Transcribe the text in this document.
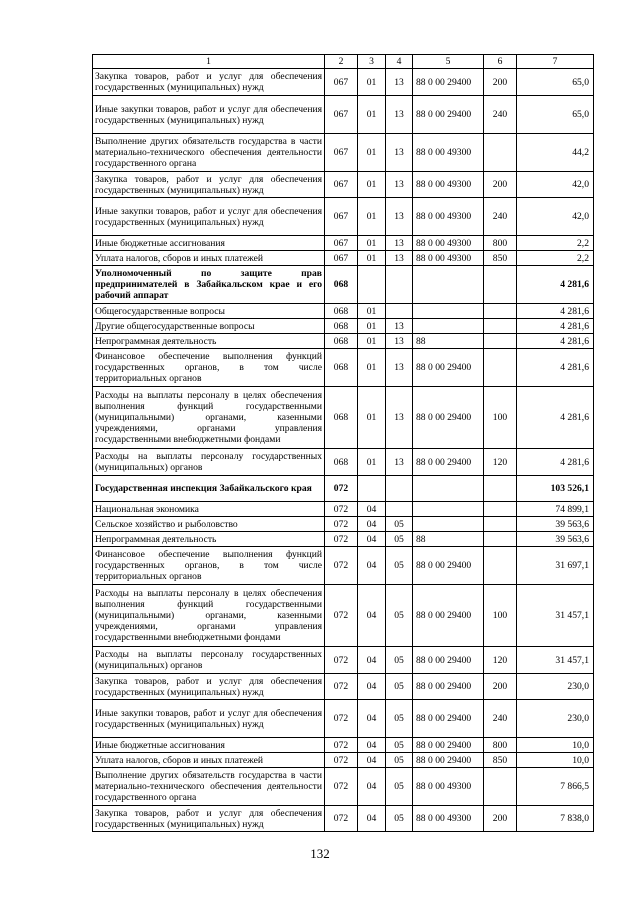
1	2	3	4	5	6	7
Закупка товаров, работ и услуг для обеспечения государственных (муниципальных) нужд	067	01	13	88 0 00 29400	200	65,0
Иные закупки товаров, работ и услуг для обеспечения государственных (муниципальных) нужд	067	01	13	88 0 00 29400	240	65,0
Выполнение других обязательств государства в части материально-технического обеспечения деятельности государственного органа	067	01	13	88 0 00 49300		44,2
Закупка товаров, работ и услуг для обеспечения государственных (муниципальных) нужд	067	01	13	88 0 00 49300	200	42,0
Иные закупки товаров, работ и услуг для обеспечения государственных (муниципальных) нужд	067	01	13	88 0 00 49300	240	42,0
Иные бюджетные ассигнования	067	01	13	88 0 00 49300	800	2,2
Уплата налогов, сборов и иных платежей	067	01	13	88 0 00 49300	850	2,2
Уполномоченный по защите прав предпринимателей в Забайкальском крае и его рабочий аппарат	068					4 281,6
Общегосударственные вопросы	068	01				4 281,6
Другие общегосударственные вопросы	068	01	13			4 281,6
Непрограммная деятельность	068	01	13	88		4 281,6
Финансовое обеспечение выполнения функций государственных органов, в том числе территориальных органов	068	01	13	88 0 00 29400		4 281,6
Расходы на выплаты персоналу в целях обеспечения выполнения функций государственными (муниципальными) органами, казенными учреждениями, органами управления государственными внебюджетными фондами	068	01	13	88 0 00 29400	100	4 281,6
Расходы на выплаты персоналу государственных (муниципальных) органов	068	01	13	88 0 00 29400	120	4 281,6
Государственная инспекция Забайкальского края	072					103 526,1
Национальная экономика	072	04				74 899,1
Сельское хозяйство и рыболовство	072	04	05			39 563,6
Непрограммная деятельность	072	04	05	88		39 563,6
Финансовое обеспечение выполнения функций государственных органов, в том числе территориальных органов	072	04	05	88 0 00 29400		31 697,1
Расходы на выплаты персоналу в целях обеспечения выполнения функций государственными (муниципальными) органами, казенными учреждениями, органами управления государственными внебюджетными фондами	072	04	05	88 0 00 29400	100	31 457,1
Расходы на выплаты персоналу государственных (муниципальных) органов	072	04	05	88 0 00 29400	120	31 457,1
Закупка товаров, работ и услуг для обеспечения государственных (муниципальных) нужд	072	04	05	88 0 00 29400	200	230,0
Иные закупки товаров, работ и услуг для обеспечения государственных (муниципальных) нужд	072	04	05	88 0 00 29400	240	230,0
Иные бюджетные ассигнования	072	04	05	88 0 00 29400	800	10,0
Уплата налогов, сборов и иных платежей	072	04	05	88 0 00 29400	850	10,0
Выполнение других обязательств государства в части материально-технического обеспечения деятельности государственного органа	072	04	05	88 0 00 49300		7 866,5
Закупка товаров, работ и услуг для обеспечения государственных (муниципальных) нужд	072	04	05	88 0 00 49300	200	7 838,0
132
